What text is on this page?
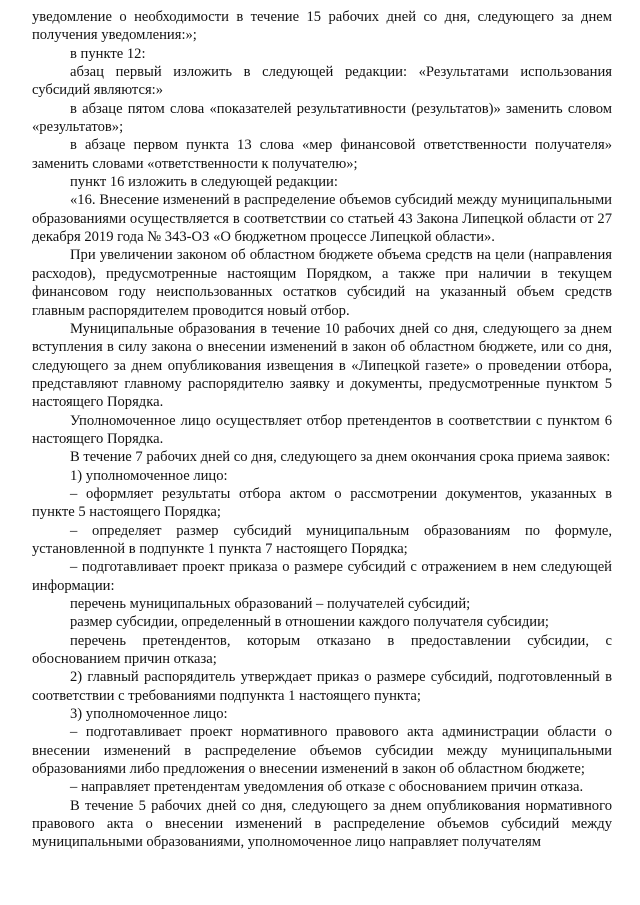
уведомление о необходимости в течение 15 рабочих дней со дня, следующего за днем получения уведомления:»;

в пункте 12:

абзац первый изложить в следующей редакции: «Результатами использования субсидий являются:»

в абзаце пятом слова «показателей результативности (результатов)» заменить словом «результатов»;

в абзаце первом пункта 13 слова «мер финансовой ответственности получателя» заменить словами «ответственности к получателю»;

пункт 16 изложить в следующей редакции:

«16. Внесение изменений в распределение объемов субсидий между муниципальными образованиями осуществляется в соответствии со статьей 43 Закона Липецкой области от 27 декабря 2019 года № 343-ОЗ «О бюджетном процессе Липецкой области».

При увеличении законом об областном бюджете объема средств на цели (направления расходов), предусмотренные настоящим Порядком, а также при наличии в текущем финансовом году неиспользованных остатков субсидий на указанный объем средств главным распорядителем проводится новый отбор.

Муниципальные образования в течение 10 рабочих дней со дня, следующего за днем вступления в силу закона о внесении изменений в закон об областном бюджете, или со дня, следующего за днем опубликования извещения в «Липецкой газете» о проведении отбора, представляют главному распорядителю заявку и документы, предусмотренные пунктом 5 настоящего Порядка.

Уполномоченное лицо осуществляет отбор претендентов в соответствии с пунктом 6 настоящего Порядка.

В течение 7 рабочих дней со дня, следующего за днем окончания срока приема заявок:

1) уполномоченное лицо:

– оформляет результаты отбора актом о рассмотрении документов, указанных в пункте 5 настоящего Порядка;

– определяет размер субсидий муниципальным образованиям по формуле, установленной в подпункте 1 пункта 7 настоящего Порядка;

– подготавливает проект приказа о размере субсидий с отражением в нем следующей информации:

перечень муниципальных образований – получателей субсидий;

размер субсидии, определенный в отношении каждого получателя субсидии;

перечень претендентов, которым отказано в предоставлении субсидии, с обоснованием причин отказа;

2) главный распорядитель утверждает приказ о размере субсидий, подготовленный в соответствии с требованиями подпункта 1 настоящего пункта;

3) уполномоченное лицо:

– подготавливает проект нормативного правового акта администрации области о внесении изменений в распределение объемов субсидии между муниципальными образованиями либо предложения о внесении изменений в закон об областном бюджете;

– направляет претендентам уведомления об отказе с обоснованием причин отказа.

В течение 5 рабочих дней со дня, следующего за днем опубликования нормативного правового акта о внесении изменений в распределение объемов субсидий между муниципальными образованиями, уполномоченное лицо направляет получателям
